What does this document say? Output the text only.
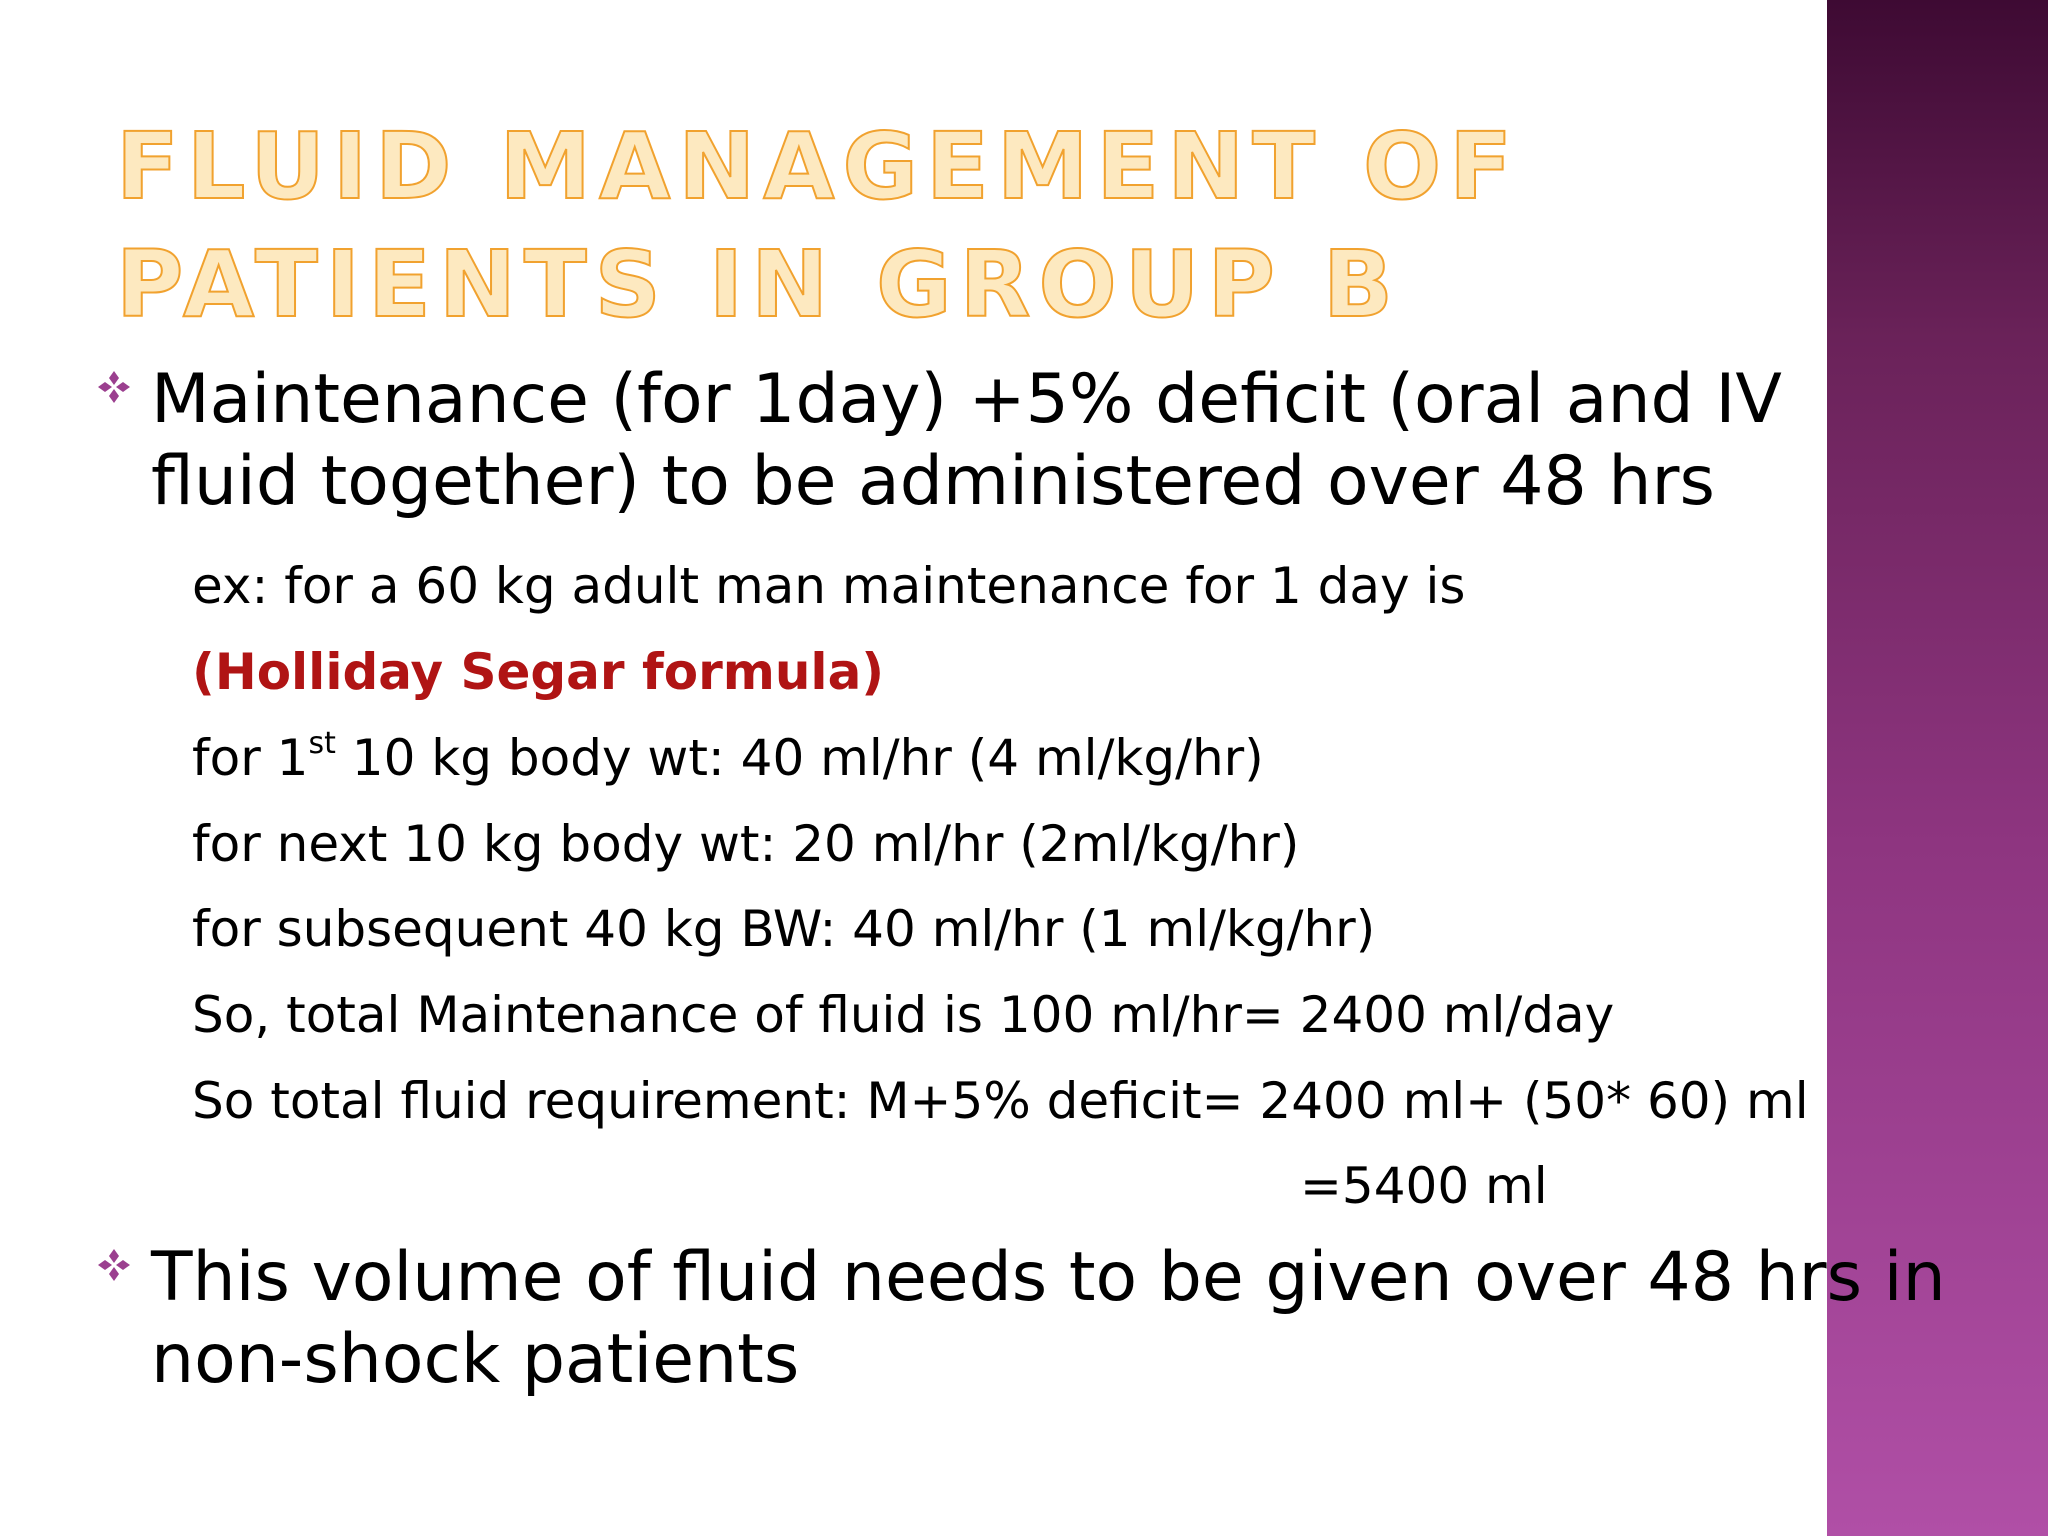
FLUID MANAGEMENT OF PATIENTS IN GROUP B
Maintenance (for 1day) +5% deficit (oral and IV fluid together) to be administered over 48 hrs
ex: for a 60 kg adult man maintenance for 1 day is
(Holliday Segar formula)
for 1st 10 kg body wt: 40 ml/hr (4 ml/kg/hr)
for next 10 kg body wt: 20 ml/hr (2ml/kg/hr)
for subsequent 40 kg BW: 40 ml/hr (1 ml/kg/hr)
So, total Maintenance of fluid is 100 ml/hr= 2400 ml/day
So total fluid requirement: M+5% deficit= 2400 ml+ (50* 60) ml
=5400 ml
This volume of fluid needs to be given over 48 hrs in non-shock patients
